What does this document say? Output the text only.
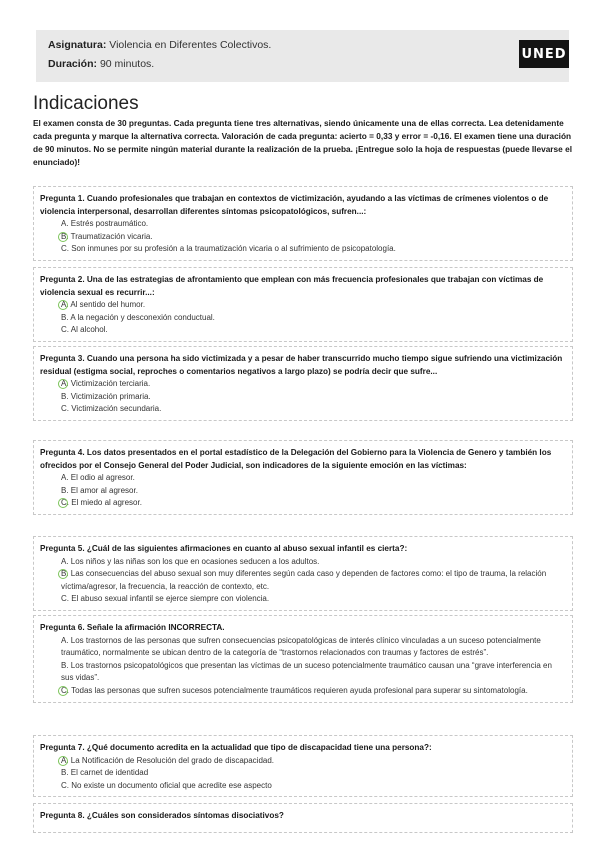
Asignatura: Violencia en Diferentes Colectivos.
Duración: 90 minutos.
UNED
Indicaciones
El examen consta de 30 preguntas. Cada pregunta tiene tres alternativas, siendo únicamente una de ellas correcta. Lea detenidamente cada pregunta y marque la alternativa correcta. Valoración de cada pregunta: acierto = 0,33 y error = -0,16. El examen tiene una duración de 90 minutos. No se permite ningún material durante la realización de la prueba. ¡Entregue solo la hoja de respuestas (puede llevarse el enunciado)!
Pregunta 1. Cuando profesionales que trabajan en contextos de victimización, ayudando a las víctimas de crímenes violentos o de violencia interpersonal, desarrollan diferentes síntomas psicopatológicos, sufren...:
A. Estrés postraumático.
B. Traumatización vicaria.
C. Son inmunes por su profesión a la traumatización vicaria o al sufrimiento de psicopatología.
Pregunta 2. Una de las estrategias de afrontamiento que emplean con más frecuencia profesionales que trabajan con víctimas de violencia sexual es recurrir...:
A. Al sentido del humor.
B. A la negación y desconexión conductual.
C. Al alcohol.
Pregunta 3. Cuando una persona ha sido victimizada y a pesar de haber transcurrido mucho tiempo sigue sufriendo una victimización residual (estigma social, reproches o comentarios negativos a largo plazo) se podría decir que sufre...
A. Victimización terciaria.
B. Victimización primaria.
C. Victimización secundaria.
Pregunta 4. Los datos presentados en el portal estadístico de la Delegación del Gobierno para la Violencia de Genero y también los ofrecidos por el Consejo General del Poder Judicial, son indicadores de la siguiente emoción en las víctimas:
A. El odio al agresor.
B. El amor al agresor.
C. El miedo al agresor.
Pregunta 5. ¿Cuál de las siguientes afirmaciones en cuanto al abuso sexual infantil es cierta?:
A. Los niños y las niñas son los que en ocasiones seducen a los adultos.
B. Las consecuencias del abuso sexual son muy diferentes según cada caso y dependen de factores como: el tipo de trauma, la relación víctima/agresor, la frecuencia, la reacción de contexto, etc.
C. El abuso sexual infantil se ejerce siempre con violencia.
Pregunta 6. Señale la afirmación INCORRECTA.
A. Los trastornos de las personas que sufren consecuencias psicopatológicas de interés clínico vinculadas a un suceso potencialmente traumático, normalmente se ubican dentro de la categoría de “trastornos relacionados con traumas y factores de estrés”.
B. Los trastornos psicopatológicos que presentan las víctimas de un suceso potencialmente traumático causan una “grave interferencia en sus vidas”.
C. Todas las personas que sufren sucesos potencialmente traumáticos requieren ayuda profesional para superar su sintomatología.
Pregunta 7. ¿Qué documento acredita en la actualidad que tipo de discapacidad tiene una persona?:
A. La Notificación de Resolución del grado de discapacidad.
B. El carnet de identidad
C. No existe un documento oficial que acredite ese aspecto
Pregunta 8. ¿Cuáles son considerados síntomas disociativos?
